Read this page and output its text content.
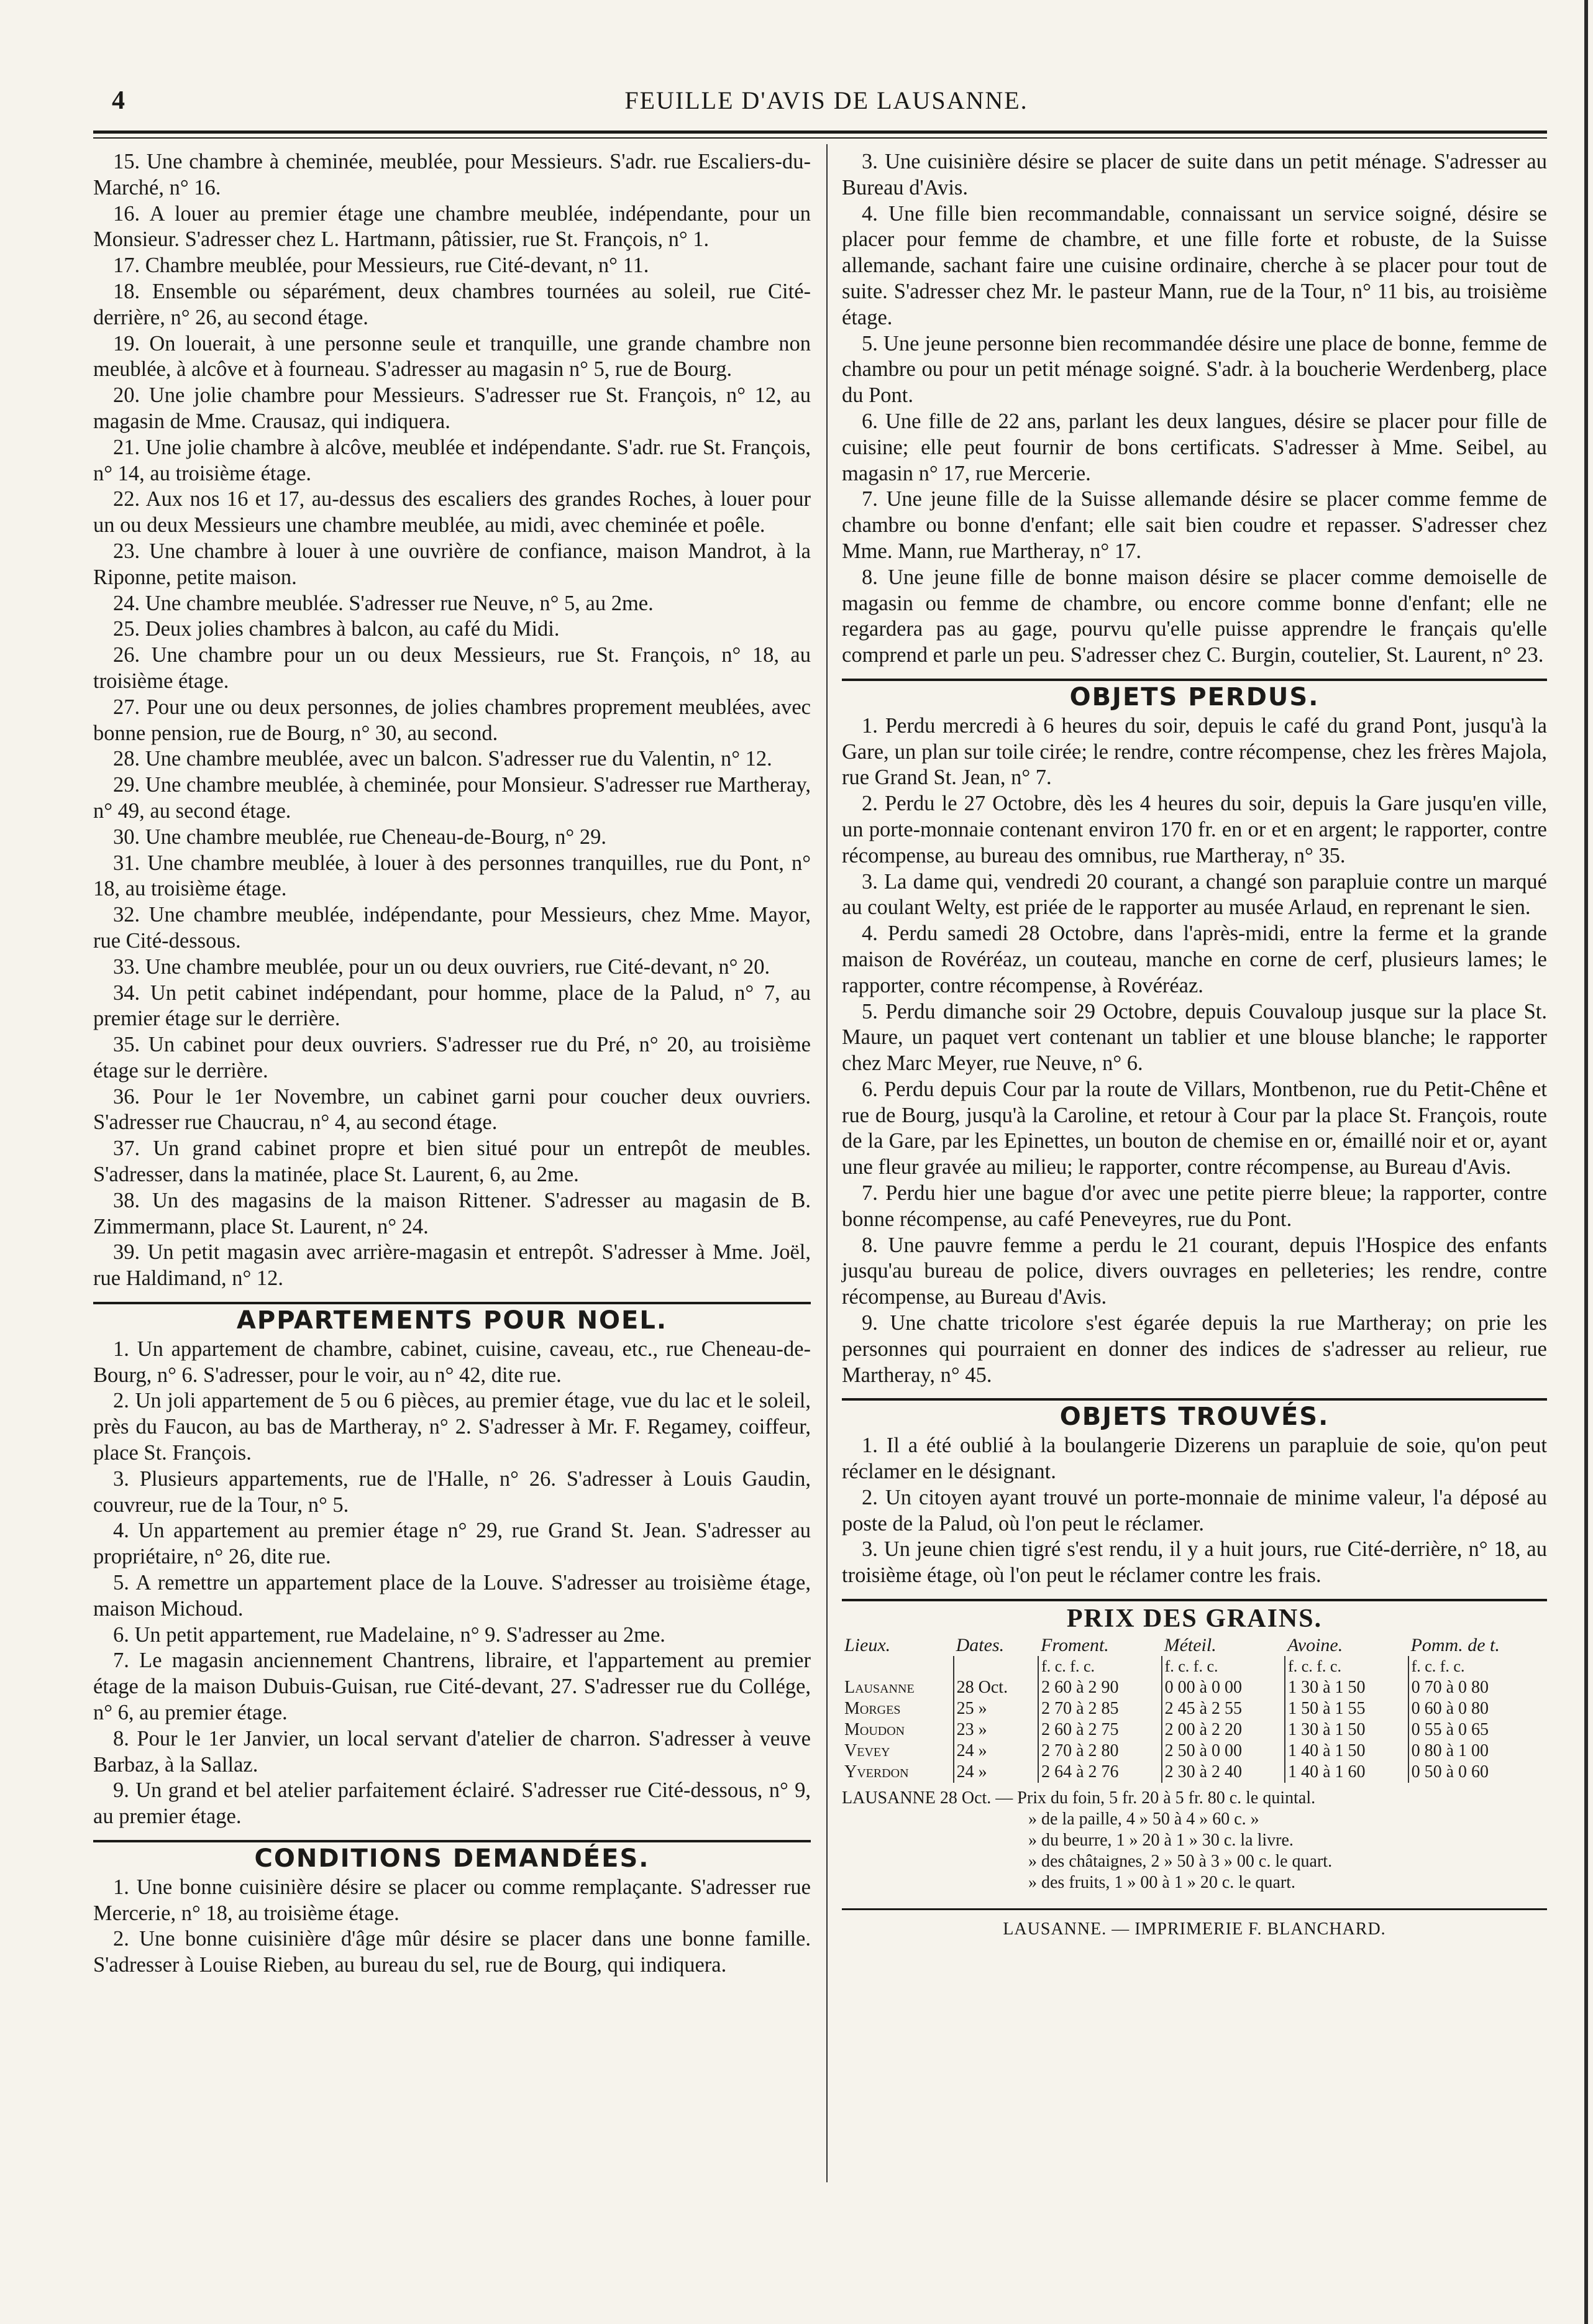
4	FEUILLE D'AVIS DE LAUSANNE.

15. Une chambre à cheminée, meublée, pour Messieurs. S'adr. rue Escaliers-du-Marché, n° 16.

16. A louer au premier étage une chambre meublée, indépendante, pour un Monsieur. S'adresser chez L. Hartmann, pâtissier, rue St. François, n° 1.

17. Chambre meublée, pour Messieurs, rue Cité-devant, n° 11.

18. Ensemble ou séparément, deux chambres tournées au soleil, rue Cité-derrière, n° 26, au second étage.

19. On louerait, à une personne seule et tranquille, une grande chambre non meublée, à alcôve et à fourneau. S'adresser au magasin n° 5, rue de Bourg.

20. Une jolie chambre pour Messieurs. S'adresser rue St. François, n° 12, au magasin de Mme. Crausaz, qui indiquera.

21. Une jolie chambre à alcôve, meublée et indépendante. S'adr. rue St. François, n° 14, au troisième étage.

22. Aux nos 16 et 17, au-dessus des escaliers des grandes Roches, à louer pour un ou deux Messieurs une chambre meublée, au midi, avec cheminée et poêle.

23. Une chambre à louer à une ouvrière de confiance, maison Mandrot, à la Riponne, petite maison.

24. Une chambre meublée. S'adresser rue Neuve, n° 5, au 2me.

25. Deux jolies chambres à balcon, au café du Midi.

26. Une chambre pour un ou deux Messieurs, rue St. François, n° 18, au troisième étage.

27. Pour une ou deux personnes, de jolies chambres proprement meublées, avec bonne pension, rue de Bourg, n° 30, au second.

28. Une chambre meublée, avec un balcon. S'adresser rue du Valentin, n° 12.

29. Une chambre meublée, à cheminée, pour Monsieur. S'adresser rue Martheray, n° 49, au second étage.

30. Une chambre meublée, rue Cheneau-de-Bourg, n° 29.

31. Une chambre meublée, à louer à des personnes tranquilles, rue du Pont, n° 18, au troisième étage.

32. Une chambre meublée, indépendante, pour Messieurs, chez Mme. Mayor, rue Cité-dessous.

33. Une chambre meublée, pour un ou deux ouvriers, rue Cité-devant, n° 20.

34. Un petit cabinet indépendant, pour homme, place de la Palud, n° 7, au premier étage sur le derrière.

35. Un cabinet pour deux ouvriers. S'adresser rue du Pré, n° 20, au troisième étage sur le derrière.

36. Pour le 1er Novembre, un cabinet garni pour coucher deux ouvriers. S'adresser rue Chaucrau, n° 4, au second étage.

37. Un grand cabinet propre et bien situé pour un entrepôt de meubles. S'adresser, dans la matinée, place St. Laurent, 6, au 2me.

38. Un des magasins de la maison Rittener. S'adresser au magasin de B. Zimmermann, place St. Laurent, n° 24.

39. Un petit magasin avec arrière-magasin et entrepôt. S'adresser à Mme. Joël, rue Haldimand, n° 12.

APPARTEMENTS POUR NOEL.

1. Un appartement de chambre, cabinet, cuisine, caveau, etc., rue Cheneau-de-Bourg, n° 6. S'adresser, pour le voir, au n° 42, dite rue.

2. Un joli appartement de 5 ou 6 pièces, au premier étage, vue du lac et le soleil, près du Faucon, au bas de Martheray, n° 2. S'adresser à Mr. F. Regamey, coiffeur, place St. François.

3. Plusieurs appartements, rue de l'Halle, n° 26. S'adresser à Louis Gaudin, couvreur, rue de la Tour, n° 5.

4. Un appartement au premier étage n° 29, rue Grand St. Jean. S'adresser au propriétaire, n° 26, dite rue.

5. A remettre un appartement place de la Louve. S'adresser au troisième étage, maison Michoud.

6. Un petit appartement, rue Madelaine, n° 9. S'adresser au 2me.

7. Le magasin anciennement Chantrens, libraire, et l'appartement au premier étage de la maison Dubuis-Guisan, rue Cité-devant, 27. S'adresser rue du Collége, n° 6, au premier étage.

8. Pour le 1er Janvier, un local servant d'atelier de charron. S'adresser à veuve Barbaz, à la Sallaz.

9. Un grand et bel atelier parfaitement éclairé. S'adresser rue Cité-dessous, n° 9, au premier étage.

CONDITIONS DEMANDÉES.

1. Une bonne cuisinière désire se placer ou comme remplaçante. S'adresser rue Mercerie, n° 18, au troisième étage.

2. Une bonne cuisinière d'âge mûr désire se placer dans une bonne famille. S'adresser à Louise Rieben, au bureau du sel, rue de Bourg, qui indiquera.

3. Une cuisinière désire se placer de suite dans un petit ménage. S'adresser au Bureau d'Avis.

4. Une fille bien recommandable, connaissant un service soigné, désire se placer pour femme de chambre, et une fille forte et robuste, de la Suisse allemande, sachant faire une cuisine ordinaire, cherche à se placer pour tout de suite. S'adresser chez Mr. le pasteur Mann, rue de la Tour, n° 11 bis, au troisième étage.

5. Une jeune personne bien recommandée désire une place de bonne, femme de chambre ou pour un petit ménage soigné. S'adr. à la boucherie Werdenberg, place du Pont.

6. Une fille de 22 ans, parlant les deux langues, désire se placer pour fille de cuisine; elle peut fournir de bons certificats. S'adresser à Mme. Seibel, au magasin n° 17, rue Mercerie.

7. Une jeune fille de la Suisse allemande désire se placer comme femme de chambre ou bonne d'enfant; elle sait bien coudre et repasser. S'adresser chez Mme. Mann, rue Martheray, n° 17.

8. Une jeune fille de bonne maison désire se placer comme demoiselle de magasin ou femme de chambre, ou encore comme bonne d'enfant; elle ne regardera pas au gage, pourvu qu'elle puisse apprendre le français qu'elle comprend et parle un peu. S'adresser chez C. Burgin, coutelier, St. Laurent, n° 23.

OBJETS PERDUS.

1. Perdu mercredi à 6 heures du soir, depuis le café du grand Pont, jusqu'à la Gare, un plan sur toile cirée; le rendre, contre récompense, chez les frères Majola, rue Grand St. Jean, n° 7.

2. Perdu le 27 Octobre, dès les 4 heures du soir, depuis la Gare jusqu'en ville, un porte-monnaie contenant environ 170 fr. en or et en argent; le rapporter, contre récompense, au bureau des omnibus, rue Martheray, n° 35.

3. La dame qui, vendredi 20 courant, a changé son parapluie contre un marqué au coulant Welty, est priée de le rapporter au musée Arlaud, en reprenant le sien.

4. Perdu samedi 28 Octobre, dans l'après-midi, entre la ferme et la grande maison de Rovéréaz, un couteau, manche en corne de cerf, plusieurs lames; le rapporter, contre récompense, à Rovéréaz.

5. Perdu dimanche soir 29 Octobre, depuis Couvaloup jusque sur la place St. Maure, un paquet vert contenant un tablier et une blouse blanche; le rapporter chez Marc Meyer, rue Neuve, n° 6.

6. Perdu depuis Cour par la route de Villars, Montbenon, rue du Petit-Chêne et rue de Bourg, jusqu'à la Caroline, et retour à Cour par la place St. François, route de la Gare, par les Epinettes, un bouton de chemise en or, émaillé noir et or, ayant une fleur gravée au milieu; le rapporter, contre récompense, au Bureau d'Avis.

7. Perdu hier une bague d'or avec une petite pierre bleue; la rapporter, contre bonne récompense, au café Peneveyres, rue du Pont.

8. Une pauvre femme a perdu le 21 courant, depuis l'Hospice des enfants jusqu'au bureau de police, divers ouvrages en pelleteries; les rendre, contre récompense, au Bureau d'Avis.

9. Une chatte tricolore s'est égarée depuis la rue Martheray; on prie les personnes qui pourraient en donner des indices de s'adresser au relieur, rue Martheray, n° 45.

OBJETS TROUVÉS.

1. Il a été oublié à la boulangerie Dizerens un parapluie de soie, qu'on peut réclamer en le désignant.

2. Un citoyen ayant trouvé un porte-monnaie de minime valeur, l'a déposé au poste de la Palud, où l'on peut le réclamer.

3. Un jeune chien tigré s'est rendu, il y a huit jours, rue Cité-derrière, n° 18, au troisième étage, où l'on peut le réclamer contre les frais.

PRIX DES GRAINS.
Lieux.	Dates.	Froment.	Méteil.	Avoine.	Pomm. de t.
		f. c. f. c.	f. c. f. c.	f. c. f. c.	f. c. f. c.
Lausanne	28 Oct.	2 60 à 2 90	0 00 à 0 00	1 30 à 1 50	0 70 à 0 80
Morges	25 »	2 70 à 2 85	2 45 à 2 55	1 50 à 1 55	0 60 à 0 80
Moudon	23 »	2 60 à 2 75	2 00 à 2 20	1 30 à 1 50	0 55 à 0 65
Vevey	24 »	2 70 à 2 80	2 50 à 0 00	1 40 à 1 50	0 80 à 1 00
Yverdon	24 »	2 64 à 2 76	2 30 à 2 40	1 40 à 1 60	0 50 à 0 60
LAUSANNE 28 Oct. — Prix du foin, 5 fr. 20 à 5 fr. 80 c. le quintal.
» de la paille, 4 » 50 à 4 » 60 c. »
» du beurre, 1 » 20 à 1 » 30 c. la livre.
» des châtaignes, 2 » 50 à 3 » 00 c. le quart.
» des fruits, 1 » 00 à 1 » 20 c. le quart.
LAUSANNE. — IMPRIMERIE F. BLANCHARD.
